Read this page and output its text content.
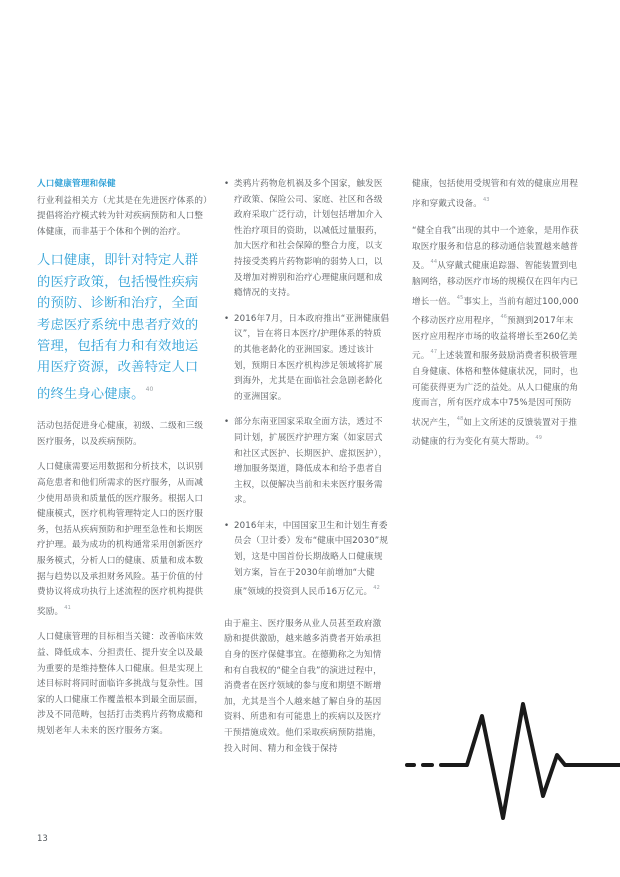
人口健康管理和保健

行业利益相关方（尤其是在先进医疗体系的）提倡将治疗模式转为针对疾病预防和人口整体健康，而非基于个体和个例的治疗。

人口健康，即针对特定人群的医疗政策，包括慢性疾病的预防、诊断和治疗，全面考虑医疗系统中患者疗效的管理，包括有力和有效地运用医疗资源，改善特定人口的终生身心健康。$^{40}$

活动包括促进身心健康，初级、二级和三级医疗服务，以及疾病预防。

人口健康需要运用数据和分析技术，以识别高危患者和他们所需求的医疗服务，从而减少使用昂贵和质量低的医疗服务。根据人口健康模式，医疗机构管理特定人口的医疗服务，包括从疾病预防和护理至急性和长期医疗护理。最为成功的机构通常采用创新医疗服务模式，分析人口的健康、质量和成本数据与趋势以及承担财务风险。基于价值的付费协议将成功执行上述流程的医疗机构提供奖励。$^{41}$

人口健康管理的目标相当关键：改善临床效益、降低成本、分担责任、提升安全以及最为重要的是维持整体人口健康。但是实现上述目标时将同时面临许多挑战与复杂性。国家的人口健康工作覆盖根本到最全面层面，涉及不同范畴，包括打击类鸦片药物成瘾和规划老年人未来的医疗服务方案。

• 类鸦片药物危机祸及多个国家，触发医疗政策、保险公司、家庭、社区和各级政府采取广泛行动，计划包括增加介入性治疗项目的资助，以减低过量服药，加大医疗和社会保障的整合力度，以支持接受类鸦片药物影响的弱势人口，以及增加对辨别和治疗心理健康问题和成瘾情况的支持。
• 2016年7月，日本政府推出“亚洲健康倡议”，旨在将日本医疗/护理体系的特质的其他老龄化的亚洲国家。透过该计划，预期日本医疗机构涉足领域将扩展到海外，尤其是在面临社会急剧老龄化的亚洲国家。
• 部分东南亚国家采取全面方法，透过不同计划，扩展医疗护理方案（如家居式和社区式医护、长期医护、虚拟医护），增加服务渠道，降低成本和给予患者自主权，以便解决当前和未来医疗服务需求。
• 2016年末，中国国家卫生和计划生育委员会（卫计委）发布“健康中国2030”规划，这是中国首份长期战略人口健康规划方案，旨在于2030年前增加“大健康”领域的投资到人民币16万亿元。$^{42}$

由于雇主、医疗服务从业人员甚至政府激励和提供激励，越来越多消费者开始承担自身的医疗保健事宜。在德勤称之为知情和有自我权的“健全自我”的演进过程中，消费者在医疗领域的参与度和期望不断增加，尤其是当个人越来越了解自身的基因资料、所患和有可能患上的疾病以及医疗干预措施成效。他们采取疾病预防措施，投入时间、精力和金钱于保持

健康，包括使用受规管和有效的健康应用程序和穿戴式设备。$^{43}$

“健全自我”出现的其中一个迹象，是用作获取医疗服务和信息的移动通信装置越来越普及。$^{44}$从穿戴式健康追踪器、智能装置到电脑网络，移动医疗市场的规模仅在四年内已增长一倍。$^{45}$事实上，当前有超过100,000个移动医疗应用程序，$^{46}$预测到2017年末医疗应用程序市场的收益将增长至260亿美元。$^{47}$上述装置和服务鼓励消费者积极管理自身健康、体格和整体健康状况，同时，也可能获得更为广泛的益处。从人口健康的角度而言，所有医疗成本中75%是因可预防状况产生，$^{48}$如上文所述的反馈装置对于推动健康的行为变化有莫大帮助。$^{49}$

13
